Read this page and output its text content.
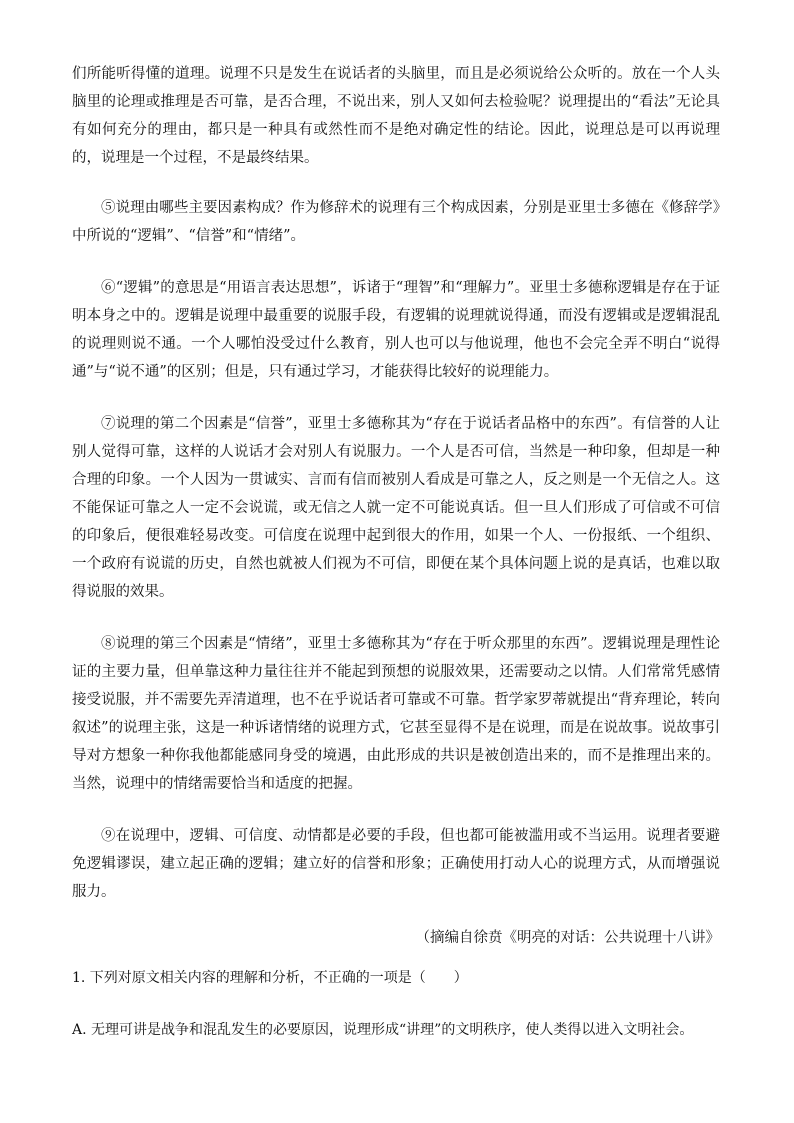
们所能听得懂的道理。说理不只是发生在说话者的头脑里，而且是必须说给公众听的。放在一个人头脑里的论理或推理是否可靠，是否合理，不说出来，别人又如何去检验呢？说理提出的“看法”无论具有如何充分的理由，都只是一种具有或然性而不是绝对确定性的结论。因此，说理总是可以再说理的，说理是一个过程，不是最终结果。

⑤说理由哪些主要因素构成？作为修辞术的说理有三个构成因素，分别是亚里士多德在《修辞学》中所说的“逻辑”、“信誉”和“情绪”。

⑥“逻辑”的意思是“用语言表达思想”，诉诸于“理智”和“理解力”。亚里士多德称逻辑是存在于证明本身之中的。逻辑是说理中最重要的说服手段，有逻辑的说理就说得通，而没有逻辑或是逻辑混乱的说理则说不通。一个人哪怕没受过什么教育，别人也可以与他说理，他也不会完全弄不明白“说得通”与“说不通”的区别；但是，只有通过学习，才能获得比较好的说理能力。

⑦说理的第二个因素是“信誉”，亚里士多德称其为“存在于说话者品格中的东西”。有信誉的人让别人觉得可靠，这样的人说话才会对别人有说服力。一个人是否可信，当然是一种印象，但却是一种合理的印象。一个人因为一贯诚实、言而有信而被别人看成是可靠之人，反之则是一个无信之人。这不能保证可靠之人一定不会说谎，或无信之人就一定不可能说真话。但一旦人们形成了可信或不可信的印象后，便很难轻易改变。可信度在说理中起到很大的作用，如果一个人、一份报纸、一个组织、一个政府有说谎的历史，自然也就被人们视为不可信，即便在某个具体问题上说的是真话，也难以取得说服的效果。

⑧说理的第三个因素是“情绪”，亚里士多德称其为“存在于听众那里的东西”。逻辑说理是理性论证的主要力量，但单靠这种力量往往并不能起到预想的说服效果，还需要动之以情。人们常常凭感情接受说服，并不需要先弄清道理，也不在乎说话者可靠或不可靠。哲学家罗蒂就提出“背弃理论，转向叙述”的说理主张，这是一种诉诸情绪的说理方式，它甚至显得不是在说理，而是在说故事。说故事引导对方想象一种你我他都能感同身受的境遇，由此形成的共识是被创造出来的，而不是推理出来的。当然，说理中的情绪需要恰当和适度的把握。

⑨在说理中，逻辑、可信度、动情都是必要的手段，但也都可能被滥用或不当运用。说理者要避免逻辑谬误，建立起正确的逻辑；建立好的信誉和形象；正确使用打动人心的说理方式，从而增强说服力。

（摘编自徐贲《明亮的对话：公共说理十八讲》

1. 下列对原文相关内容的理解和分析，不正确的一项是（　　）

A. 无理可讲是战争和混乱发生的必要原因，说理形成“讲理”的文明秩序，使人类得以进入文明社会。
